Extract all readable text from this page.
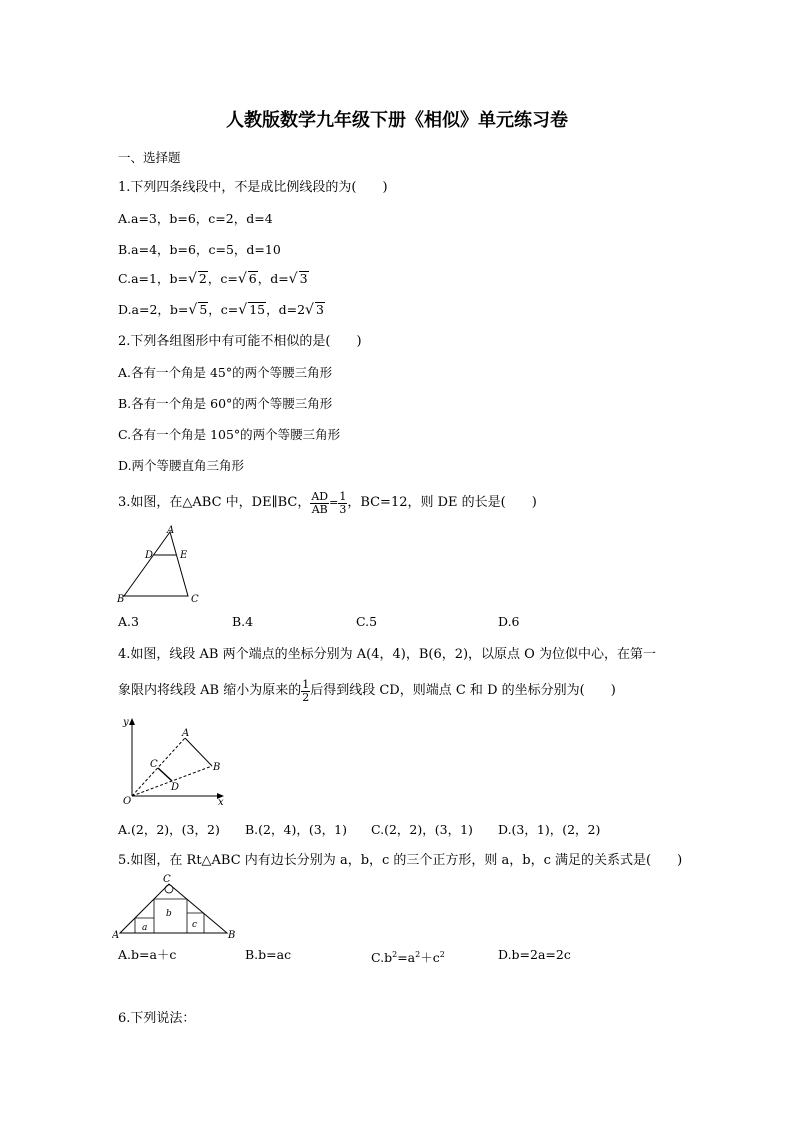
人教版数学九年级下册《相似》单元练习卷
一、选择题
1.下列四条线段中，不是成比例线段的为(　　)
A.a=3，b=6，c=2，d=4
B.a=4，b=6，c=5，d=10
C.a=1，b=√ 2，c=√ 6，d=√ 3
D.a=2，b=√ 5，c=√ 15，d=2√ 3
2.下列各组图形中有可能不相似的是(　　)
A.各有一个角是 45°的两个等腰三角形
B.各有一个角是 60°的两个等腰三角形
C.各有一个角是 105°的两个等腰三角形
D.两个等腰直角三角形
3.如图，在△ABC 中，DE∥BC， $\frac{AD}{AB} = \frac{1}{3}$ ，BC=12，则 DE 的长是(　　)
A
D	E
B	C
A.3	B.4	C.5	D.6
4.如图，线段 AB 两个端点的坐标分别为 A(4，4)，B(6，2)，以原点 O 为位似中心，在第一
象限内将线段 AB 缩小为原来的 $\frac{1}{2}$ 后得到线段 CD，则端点 C 和 D 的坐标分别为(　　)
y
x
O
A
B
C
D
A.(2，2)，(3，2) B.(2，4)，(3，1) C.(2，2)，(3，1) D.(3，1)，(2，2)
5.如图，在 Rt△ABC 内有边长分别为 a，b，c 的三个正方形，则 a，b，c 满足的关系式是(　　)
a
b
c
C
A	B
A.b=a＋c	B.b=ac	$C.b^2=a^2+c^2$	D.b=2a=2c
6.下列说法：
